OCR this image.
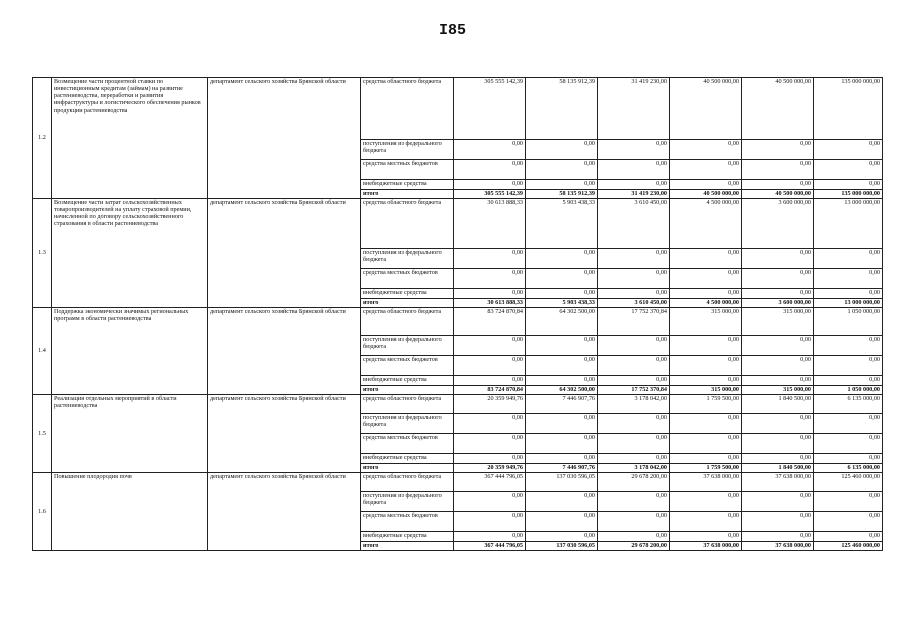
I85
1.2	Возмещение части процентной ставки по инвестиционным кредитам (займам) на развитие растениеводства, переработки и развития инфраструктуры и логистического обеспечения рынков продукции растениеводства	департамент сельского хозяйства Брянской области	средства областного бюджета	305 555 142,39	58 135 912,39	31 419 230,00	40 500 000,00	40 500 000,00	135 000 000,00
			поступления из федерального бюджета	0,00	0,00	0,00	0,00	0,00	0,00
			средства местных бюджетов	0,00	0,00	0,00	0,00	0,00	0,00
			внебюджетные средства	0,00	0,00	0,00	0,00	0,00	0,00
			итого	305 555 142,39	58 135 912,39	31 419 230,00	40 500 000,00	40 500 000,00	135 000 000,00
1.3	Возмещение части затрат сельскохозяйственных товаропроизводителей на уплату страховой премии, начисленной по договору сельскохозяйственного страхования в области растениеводства	департамент сельского хозяйства Брянской области	средства областного бюджета	30 613 888,33	5 903 438,33	3 610 450,00	4 500 000,00	3 600 000,00	13 000 000,00
			поступления из федерального бюджета	0,00	0,00	0,00	0,00	0,00	0,00
			средства местных бюджетов	0,00	0,00	0,00	0,00	0,00	0,00
			внебюджетные средства	0,00	0,00	0,00	0,00	0,00	0,00
			итого	30 613 888,33	5 903 438,33	3 610 450,00	4 500 000,00	3 600 000,00	13 000 000,00
1.4	Поддержка экономически значимых региональных программ в области растениеводства	департамент сельского хозяйства Брянской области	средства областного бюджета	83 724 870,84	64 302 500,00	17 752 370,84	315 000,00	315 000,00	1 050 000,00
			поступления из федерального бюджета	0,00	0,00	0,00	0,00	0,00	0,00
			средства местных бюджетов	0,00	0,00	0,00	0,00	0,00	0,00
			внебюджетные средства	0,00	0,00	0,00	0,00	0,00	0,00
			итого	83 724 870,84	64 302 500,00	17 752 370,84	315 000,00	315 000,00	1 050 000,00
1.5	Реализация отдельных мероприятий в области растениеводства	департамент сельского хозяйства Брянской области	средства областного бюджета	20 359 949,76	7 446 907,76	3 178 042,00	1 759 500,00	1 840 500,00	6 135 000,00
			поступления из федерального бюджета	0,00	0,00	0,00	0,00	0,00	0,00
			средства местных бюджетов	0,00	0,00	0,00	0,00	0,00	0,00
			внебюджетные средства	0,00	0,00	0,00	0,00	0,00	0,00
			итого	20 359 949,76	7 446 907,76	3 178 042,00	1 759 500,00	1 840 500,00	6 135 000,00
1.6	Повышение плодородия почв	департамент сельского хозяйства Брянской области	средства областного бюджета	367 444 796,05	137 030 596,05	29 678 200,00	37 638 000,00	37 638 000,00	125 460 000,00
			поступления из федерального бюджета	0,00	0,00	0,00	0,00	0,00	0,00
			средства местных бюджетов	0,00	0,00	0,00	0,00	0,00	0,00
			внебюджетные средства	0,00	0,00	0,00	0,00	0,00	0,00
			итого	367 444 796,05	137 030 596,05	29 678 200,00	37 638 000,00	37 638 000,00	125 460 000,00
